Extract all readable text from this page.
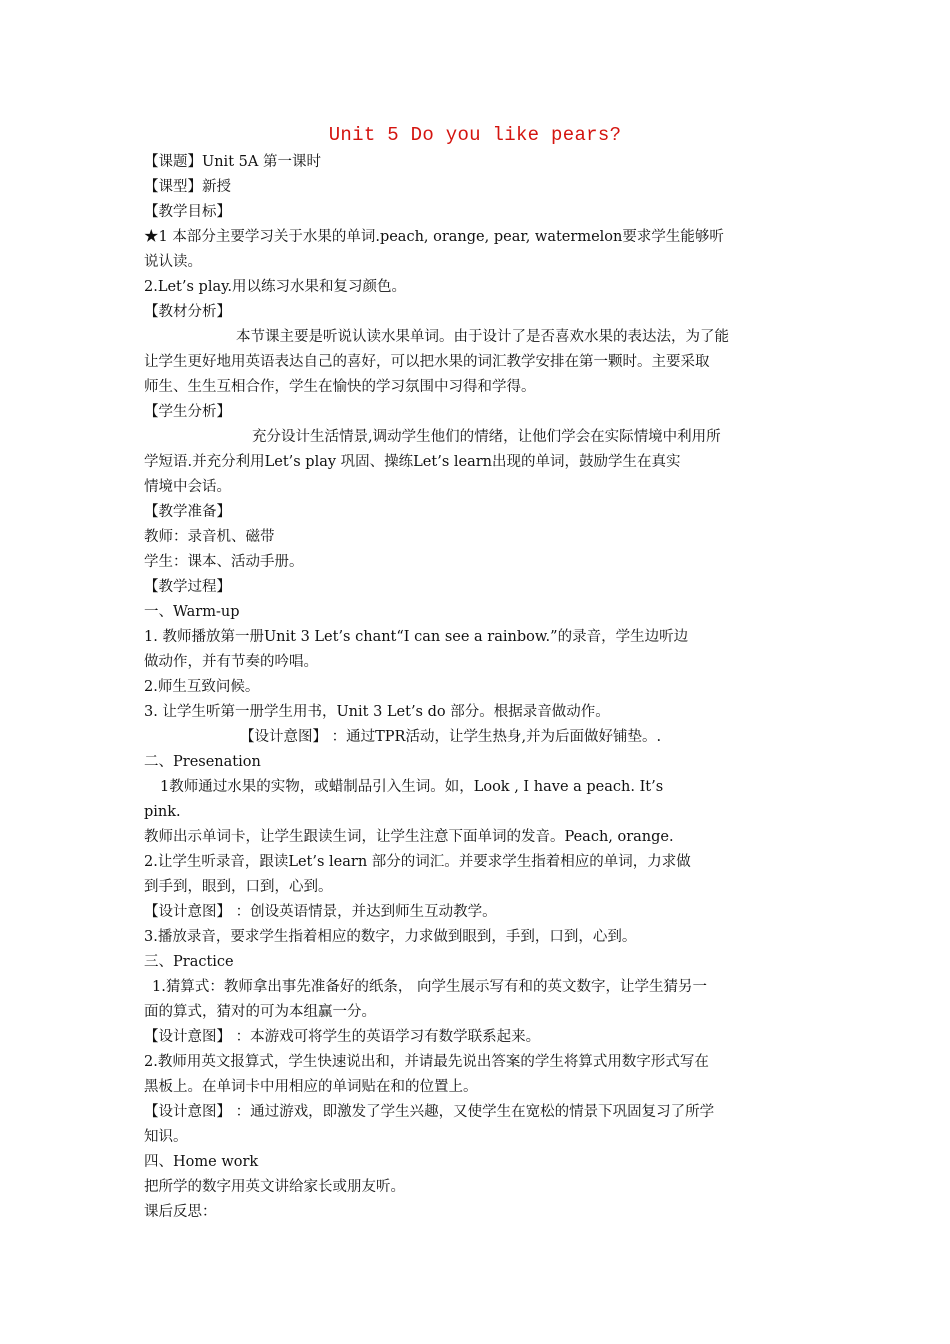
Unit 5 Do you like pears?
【课题】Unit 5A 第一课时
【课型】新授
【教学目标】
★1 本部分主要学习关于水果的单词.peach, orange, pear, watermelon要求学生能够听
说认读。
2.Let’s play.用以练习水果和复习颜色。
【教材分析】
本节课主要是听说认读水果单词。由于设计了是否喜欢水果的表达法，为了能
让学生更好地用英语表达自己的喜好，可以把水果的词汇教学安排在第一颗时。主要采取
师生、生生互相合作，学生在愉快的学习氛围中习得和学得。
【学生分析】
充分设计生活情景,调动学生他们的情绪，让他们学会在实际情境中利用所
学短语.并充分利用Let’s play 巩固、操练Let’s learn出现的单词，鼓励学生在真实
情境中会话。
【教学准备】
教师：录音机、磁带
学生：课本、活动手册。
【教学过程】
一、Warm-up
1. 教师播放第一册Unit 3 Let’s chant“I can see a rainbow.”的录音，学生边听边
做动作，并有节奏的吟唱。
2.师生互致问候。
3. 让学生听第一册学生用书，Unit 3 Let’s do 部分。根据录音做动作。
【设计意图】 ：通过TPR活动，让学生热身,并为后面做好铺垫。.
二、Presenation
1教师通过水果的实物，或蜡制品引入生词。如，Look , I have a peach. It’s
pink.
教师出示单词卡，让学生跟读生词，让学生注意下面单词的发音。Peach, orange.
2.让学生听录音，跟读Let’s learn 部分的词汇。并要求学生指着相应的单词，力求做
到手到，眼到，口到，心到。
【设计意图】 ：创设英语情景，并达到师生互动教学。
3.播放录音，要求学生指着相应的数字，力求做到眼到，手到，口到，心到。
三、Practice
1.猜算式：教师拿出事先准备好的纸条， 向学生展示写有和的英文数字，让学生猜另一
面的算式，猜对的可为本组赢一分。
【设计意图】 ：本游戏可将学生的英语学习有数学联系起来。
2.教师用英文报算式，学生快速说出和，并请最先说出答案的学生将算式用数字形式写在
黑板上。在单词卡中用相应的单词贴在和的位置上。
【设计意图】 ：通过游戏，即激发了学生兴趣，又使学生在宽松的情景下巩固复习了所学
知识。
四、Home work
把所学的数字用英文讲给家长或朋友听。
课后反思：
